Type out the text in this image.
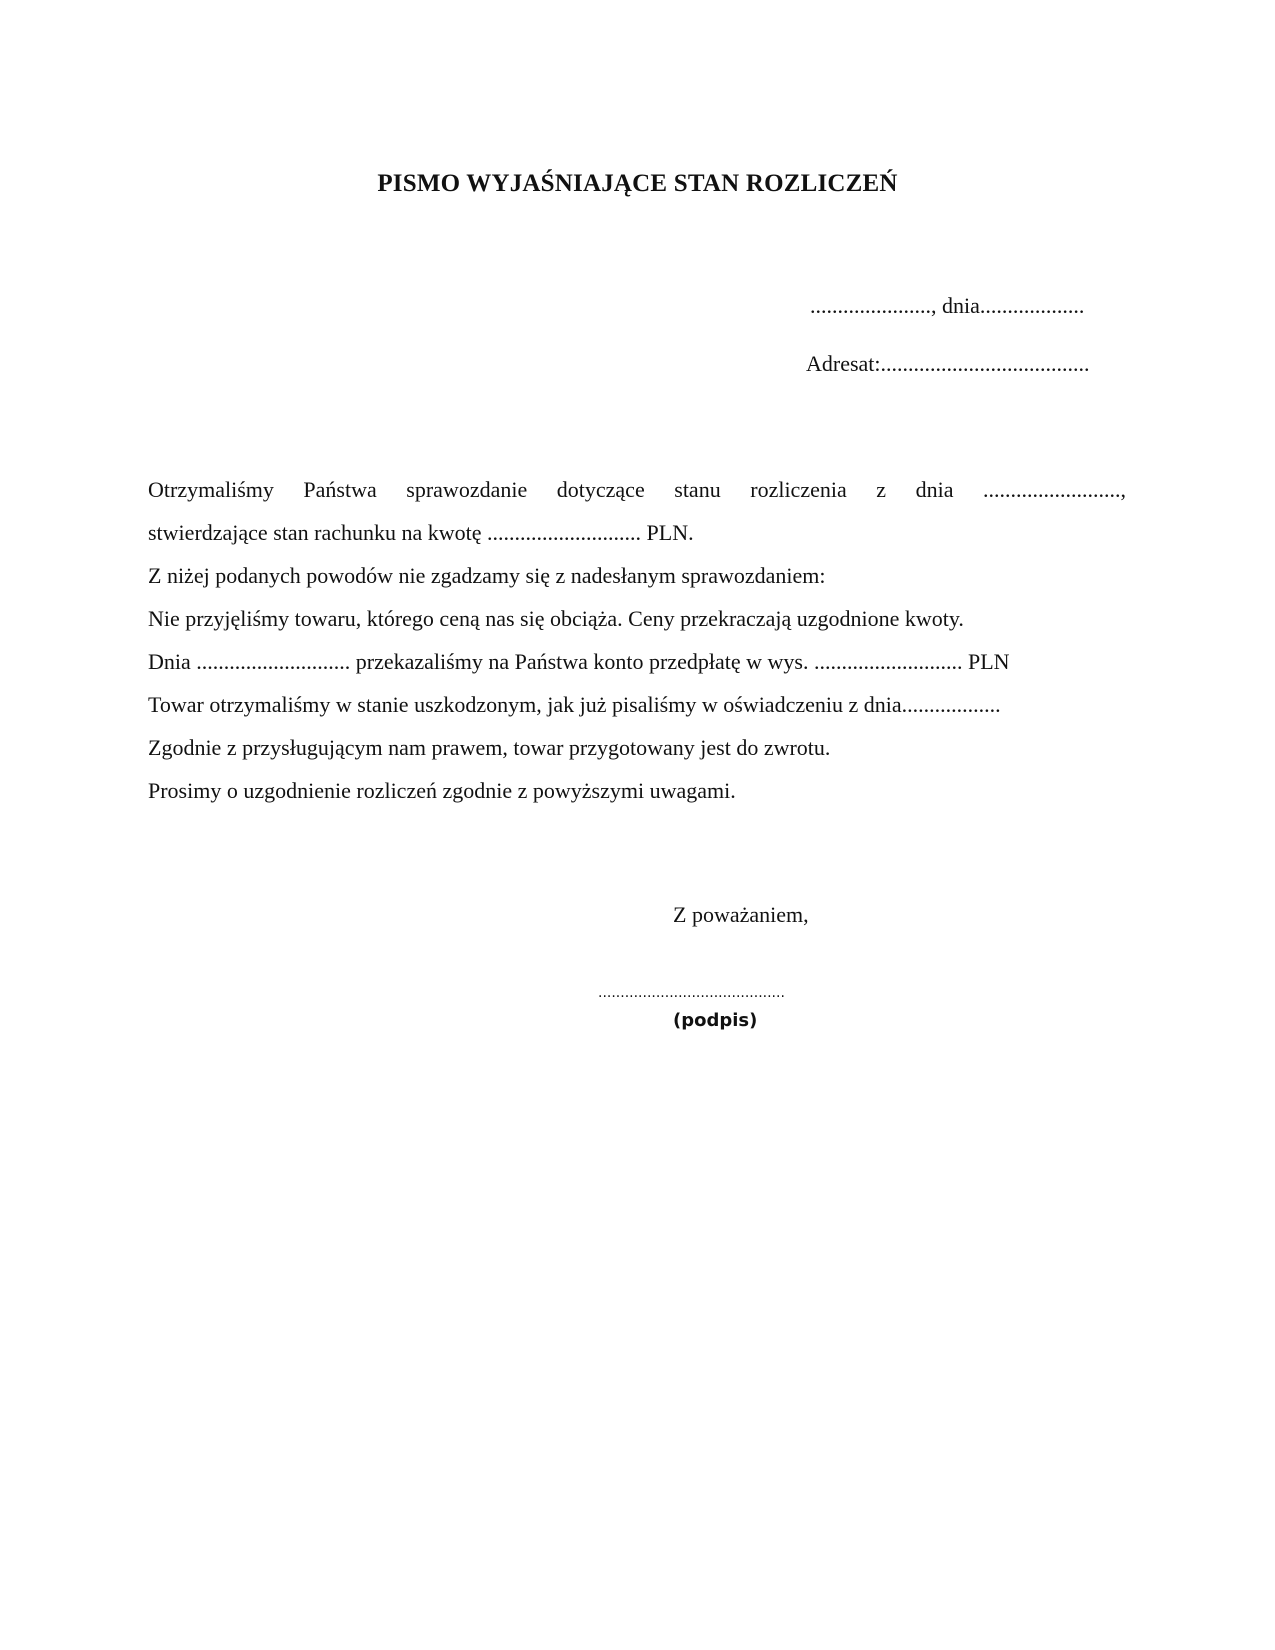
PISMO WYJAŚNIAJĄCE STAN ROZLICZEŃ
......................, dnia...................
Adresat:......................................
Otrzymaliśmy Państwa sprawozdanie dotyczące stanu rozliczenia z dnia .........................,
stwierdzające stan rachunku na kwotę ............................ PLN.
Z niżej podanych powodów nie zgadzamy się z nadesłanym sprawozdaniem:
Nie przyjęliśmy towaru, którego ceną nas się obciąża. Ceny przekraczają uzgodnione kwoty.
Dnia ............................ przekazaliśmy na Państwa konto przedpłatę w wys. ........................... PLN
Towar otrzymaliśmy w stanie uszkodzonym, jak już pisaliśmy w oświadczeniu z dnia..................
Zgodnie z przysługującym nam prawem, towar przygotowany jest do zwrotu.
Prosimy o uzgodnienie rozliczeń zgodnie z powyższymi uwagami.
Z poważaniem,
..........................................
(podpis)
